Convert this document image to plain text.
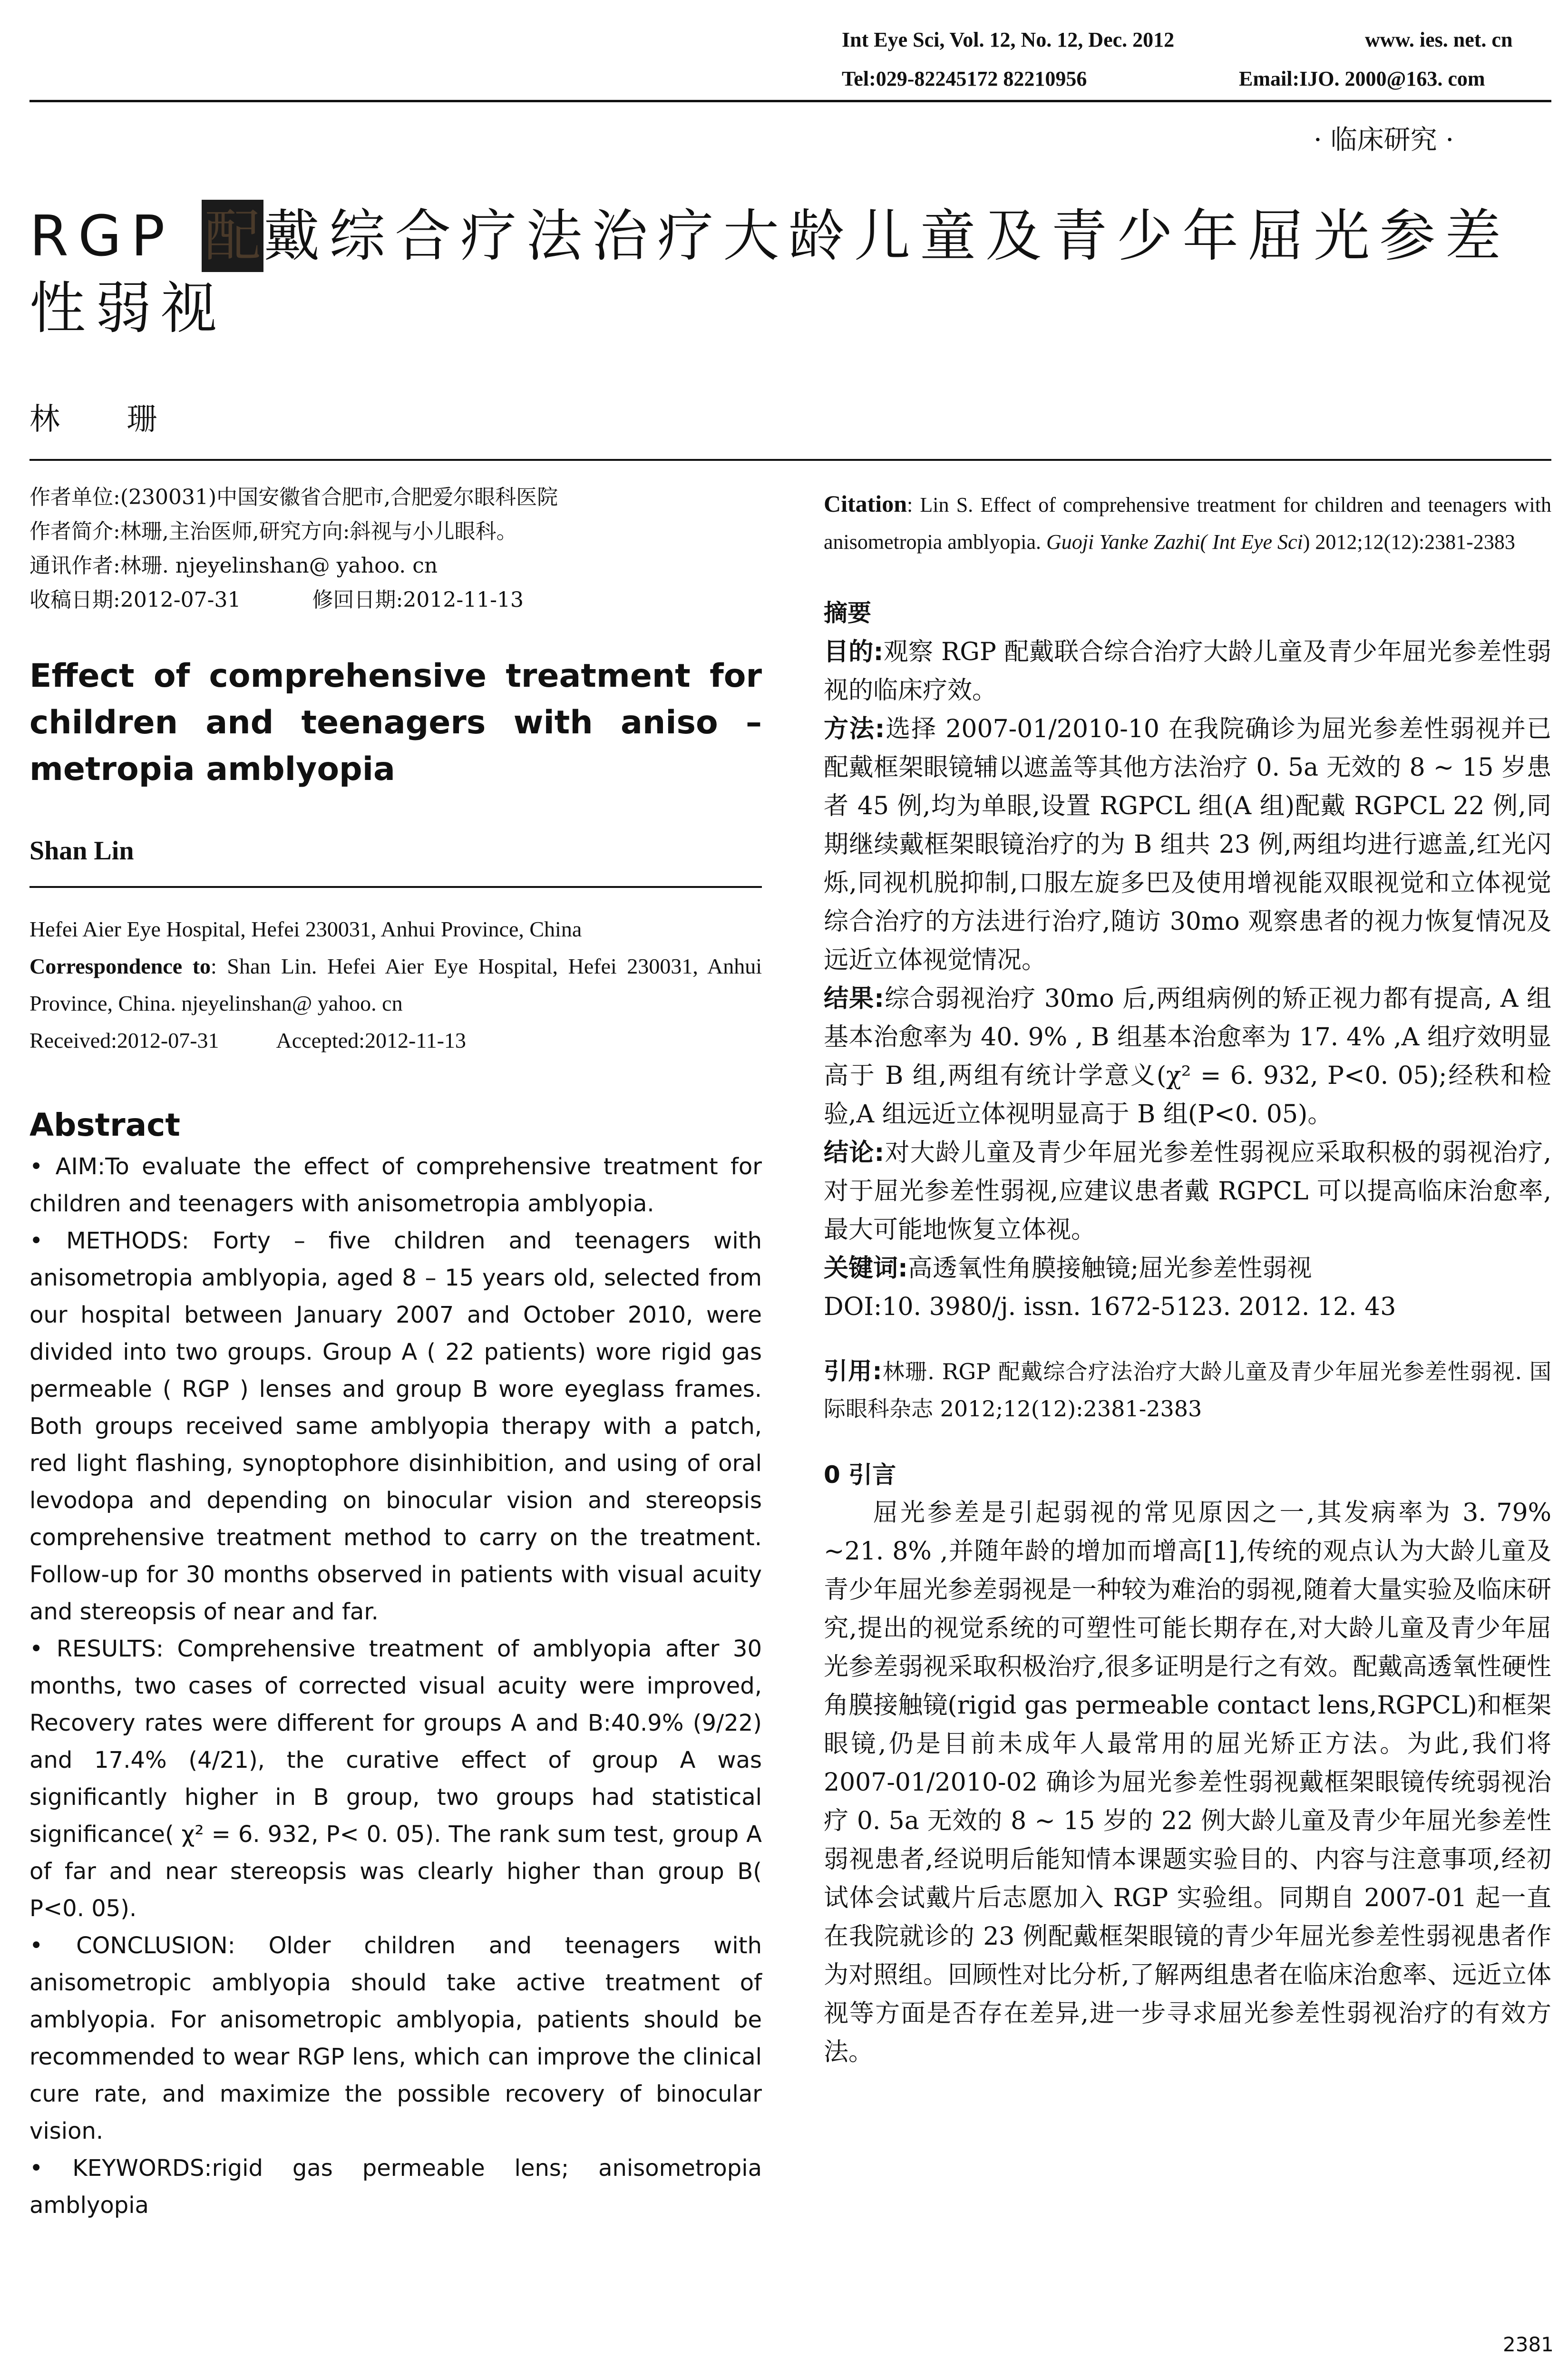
Int Eye Sci, Vol. 12, No. 12, Dec. 2012	www. ies. net. cn
Tel:029-82245172 82210956	Email:IJO. 2000@163. com
· 临床研究 ·
RGP 配戴综合疗法治疗大龄儿童及青少年屈光参差性弱视
林 珊
作者单位:(230031)中国安徽省合肥市,合肥爱尔眼科医院
作者简介:林珊,主治医师,研究方向:斜视与小儿眼科。
通讯作者:林珊. njeyelinshan@ yahoo. cn
收稿日期:2012-07-31	修回日期:2012-11-13
Effect of comprehensive treatment for children and teenagers with aniso – metropia amblyopia
Shan Lin
Hefei Aier Eye Hospital, Hefei 230031, Anhui Province, China
Correspondence to: Shan Lin. Hefei Aier Eye Hospital, Hefei 230031, Anhui Province, China. njeyelinshan@ yahoo. cn
Received:2012-07-31	Accepted:2012-11-13
Abstract

• AIM:To evaluate the effect of comprehensive treatment for children and teenagers with anisometropia amblyopia.

• METHODS: Forty – five children and teenagers with anisometropia amblyopia, aged 8 – 15 years old, selected from our hospital between January 2007 and October 2010, were divided into two groups. Group A ( 22 patients) wore rigid gas permeable ( RGP ) lenses and group B wore eyeglass frames. Both groups received same amblyopia therapy with a patch, red light flashing, synoptophore disinhibition, and using of oral levodopa and depending on binocular vision and stereopsis comprehensive treatment method to carry on the treatment. Follow-up for 30 months observed in patients with visual acuity and stereopsis of near and far.

• RESULTS: Comprehensive treatment of amblyopia after 30 months, two cases of corrected visual acuity were improved, Recovery rates were different for groups A and B:40.9% (9/22) and 17.4% (4/21), the curative effect of group A was significantly higher in B group, two groups had statistical significance( χ² = 6. 932, P< 0. 05). The rank sum test, group A of far and near stereopsis was clearly higher than group B( P<0. 05).

• CONCLUSION: Older children and teenagers with anisometropic amblyopia should take active treatment of amblyopia. For anisometropic amblyopia, patients should be recommended to wear RGP lens, which can improve the clinical cure rate, and maximize the possible recovery of binocular vision.

• KEYWORDS:rigid gas permeable lens; anisometropia amblyopia

Citation: Lin S. Effect of comprehensive treatment for children and teenagers with anisometropia amblyopia. Guoji Yanke Zazhi( Int Eye Sci) 2012;12(12):2381-2383
摘要

目的:观察 RGP 配戴联合综合治疗大龄儿童及青少年屈光参差性弱视的临床疗效。

方法:选择 2007-01/2010-10 在我院确诊为屈光参差性弱视并已配戴框架眼镜辅以遮盖等其他方法治疗 0. 5a 无效的 8 ~ 15 岁患者 45 例,均为单眼,设置 RGPCL 组(A 组)配戴 RGPCL 22 例,同期继续戴框架眼镜治疗的为 B 组共 23 例,两组均进行遮盖,红光闪烁,同视机脱抑制,口服左旋多巴及使用增视能双眼视觉和立体视觉综合治疗的方法进行治疗,随访 30mo 观察患者的视力恢复情况及远近立体视觉情况。

结果:综合弱视治疗 30mo 后,两组病例的矫正视力都有提高, A 组基本治愈率为 40. 9% , B 组基本治愈率为 17. 4% ,A 组疗效明显高于 B 组,两组有统计学意义(χ² = 6. 932, P<0. 05);经秩和检验,A 组远近立体视明显高于 B 组(P<0. 05)。

结论:对大龄儿童及青少年屈光参差性弱视应采取积极的弱视治疗,对于屈光参差性弱视,应建议患者戴 RGPCL 可以提高临床治愈率,最大可能地恢复立体视。

关键词:高透氧性角膜接触镜;屈光参差性弱视

DOI:10. 3980/j. issn. 1672-5123. 2012. 12. 43

引用:林珊. RGP 配戴综合疗法治疗大龄儿童及青少年屈光参差性弱视. 国际眼科杂志 2012;12(12):2381-2383

0 引言

屈光参差是引起弱视的常见原因之一,其发病率为 3. 79% ~21. 8% ,并随年龄的增加而增高[1],传统的观点认为大龄儿童及青少年屈光参差弱视是一种较为难治的弱视,随着大量实验及临床研究,提出的视觉系统的可塑性可能长期存在,对大龄儿童及青少年屈光参差弱视采取积极治疗,很多证明是行之有效。配戴高透氧性硬性角膜接触镜(rigid gas permeable contact lens,RGPCL)和框架眼镜,仍是目前未成年人最常用的屈光矫正方法。为此,我们将 2007-01/2010-02 确诊为屈光参差性弱视戴框架眼镜传统弱视治疗 0. 5a 无效的 8 ~ 15 岁的 22 例大龄儿童及青少年屈光参差性弱视患者,经说明后能知情本课题实验目的、内容与注意事项,经初试体会试戴片后志愿加入 RGP 实验组。同期自 2007-01 起一直在我院就诊的 23 例配戴框架眼镜的青少年屈光参差性弱视患者作为对照组。回顾性对比分析,了解两组患者在临床治愈率、远近立体视等方面是否存在差异,进一步寻求屈光参差性弱视治疗的有效方法。

2381
